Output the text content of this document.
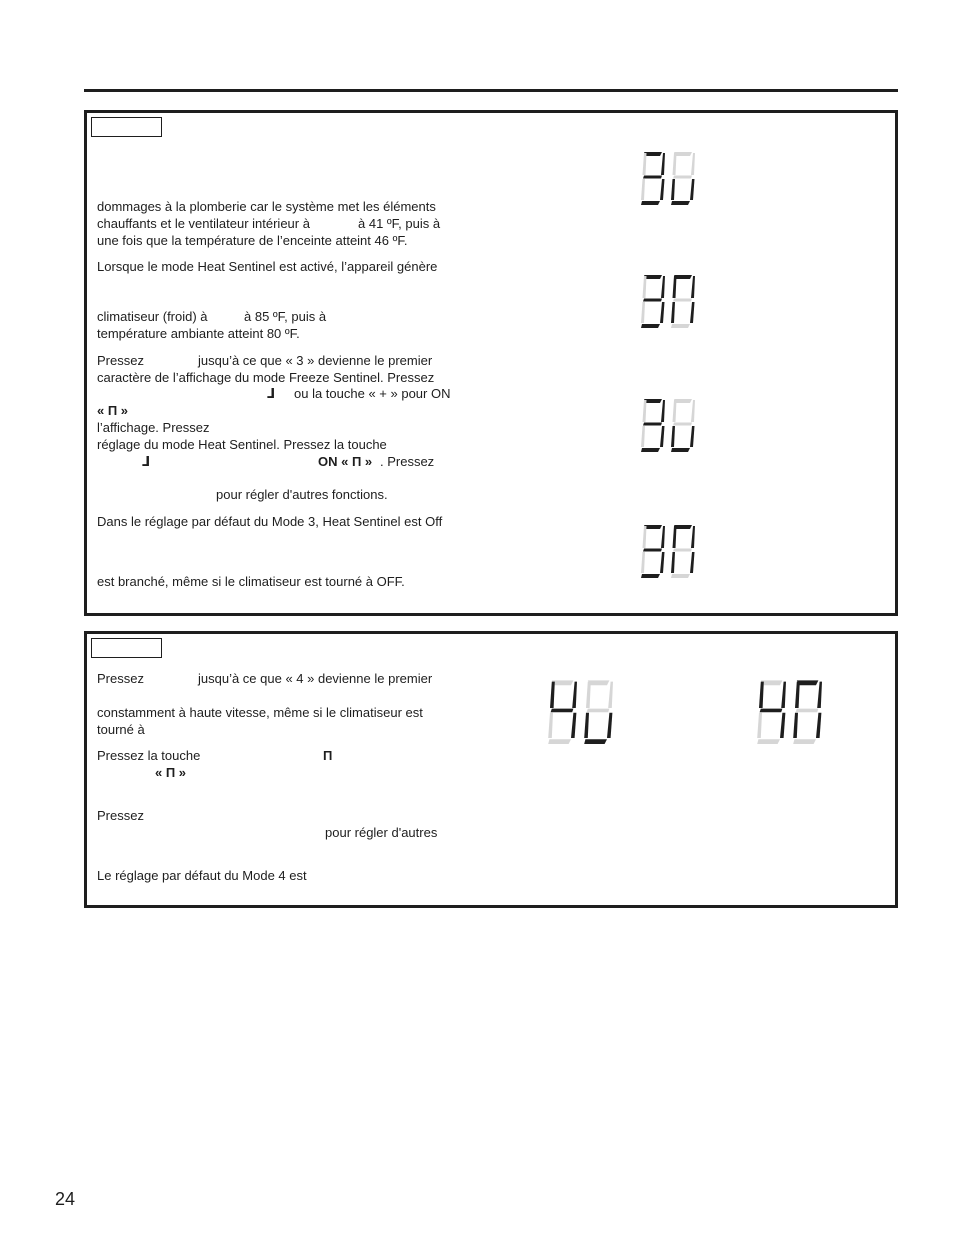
dommages à la plomberie car le système met les éléments
chauffants et le ventilateur intérieur à	à 41 ºF, puis à
une fois que la température de l’enceinte atteint 46 ºF.
Lorsque le mode Heat Sentinel est activé, l’appareil génère
climatiseur (froid) à	à 85 ºF, puis à
température ambiante atteint 80 ºF.
Pressez	jusqu’à ce que « 3 » devienne le premier
caractère de l’affichage du mode Freeze Sentinel. Pressez
ᒧ ou la touche « + » pour ON
« П »
l’affichage. Pressez
réglage du mode Heat Sentinel. Pressez la touche
ᒧ	ON « П » . Pressez
pour régler d'autres fonctions.
Dans le réglage par défaut du Mode 3, Heat Sentinel est Off
est branché, même si le climatiseur est tourné à OFF.
Pressez	jusqu’à ce que « 4 » devienne le premier
constamment à haute vitesse, même si le climatiseur est
tourné à
Pressez la touche	П
« П »
Pressez
pour régler d'autres
Le réglage par défaut du Mode 4 est
24
